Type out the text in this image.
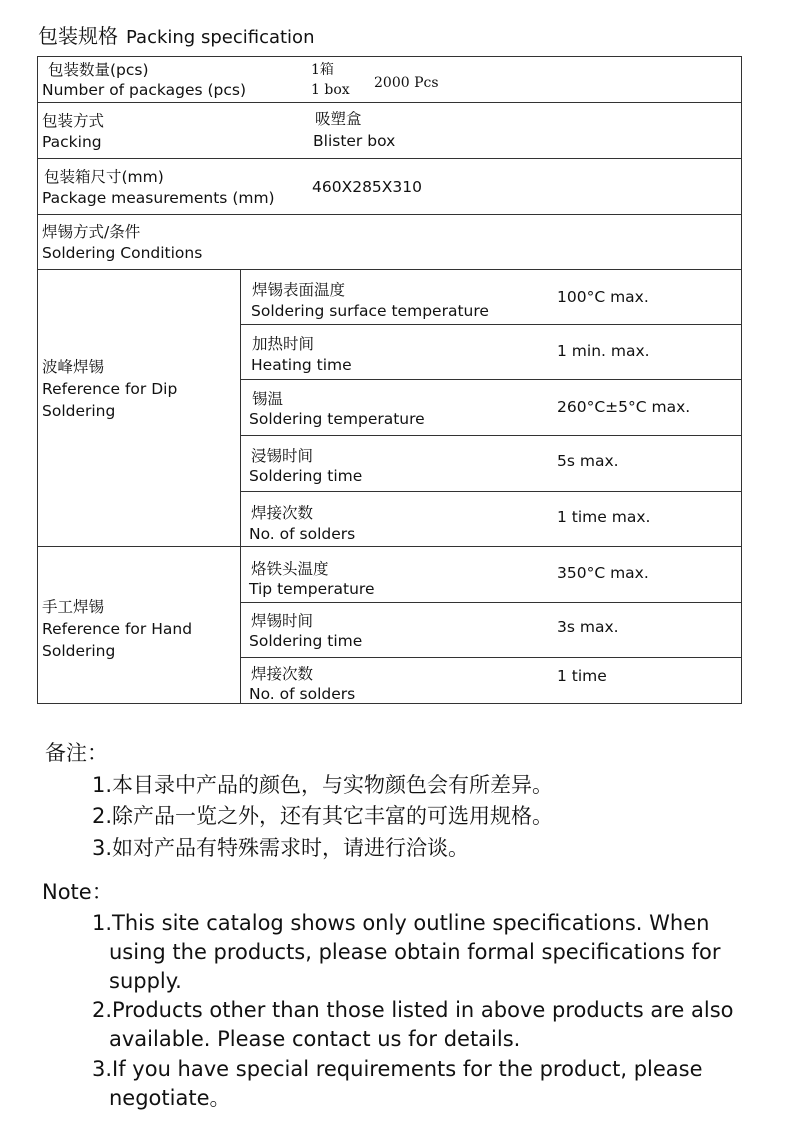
包装规格 Packing specification
包装数量(pcs)
Number of packages (pcs)
1箱
1 box 2000 Pcs
包装方式
Packing
吸塑盒
Blister box
包装箱尺寸(mm)
Package measurements (mm)
460X285X310
焊锡方式/条件
Soldering Conditions
波峰焊锡
Reference for Dip
Soldering
焊锡表面温度
Soldering surface temperature
100°C max.
加热时间
Heating time
1 min. max.
锡温
Soldering temperature
260°C±5°C max.
浸锡时间
Soldering time
5s max.
焊接次数
No. of solders
1 time max.
手工焊锡
Reference for Hand
Soldering
烙铁头温度
Tip temperature
350°C max.
焊锡时间
Soldering time
3s max.
焊接次数
No. of solders
1 time
备注：
1.本目录中产品的颜色，与实物颜色会有所差异。
2.除产品一览之外，还有其它丰富的可选用规格。
3.如对产品有特殊需求时，请进行洽谈。
Note：
1.This site catalog shows only outline specifications. When
using the products, please obtain formal specifications for
supply.
2.Products other than those listed in above products are also
available. Please contact us for details.
3.If you have special requirements for the product, please
negotiate。
